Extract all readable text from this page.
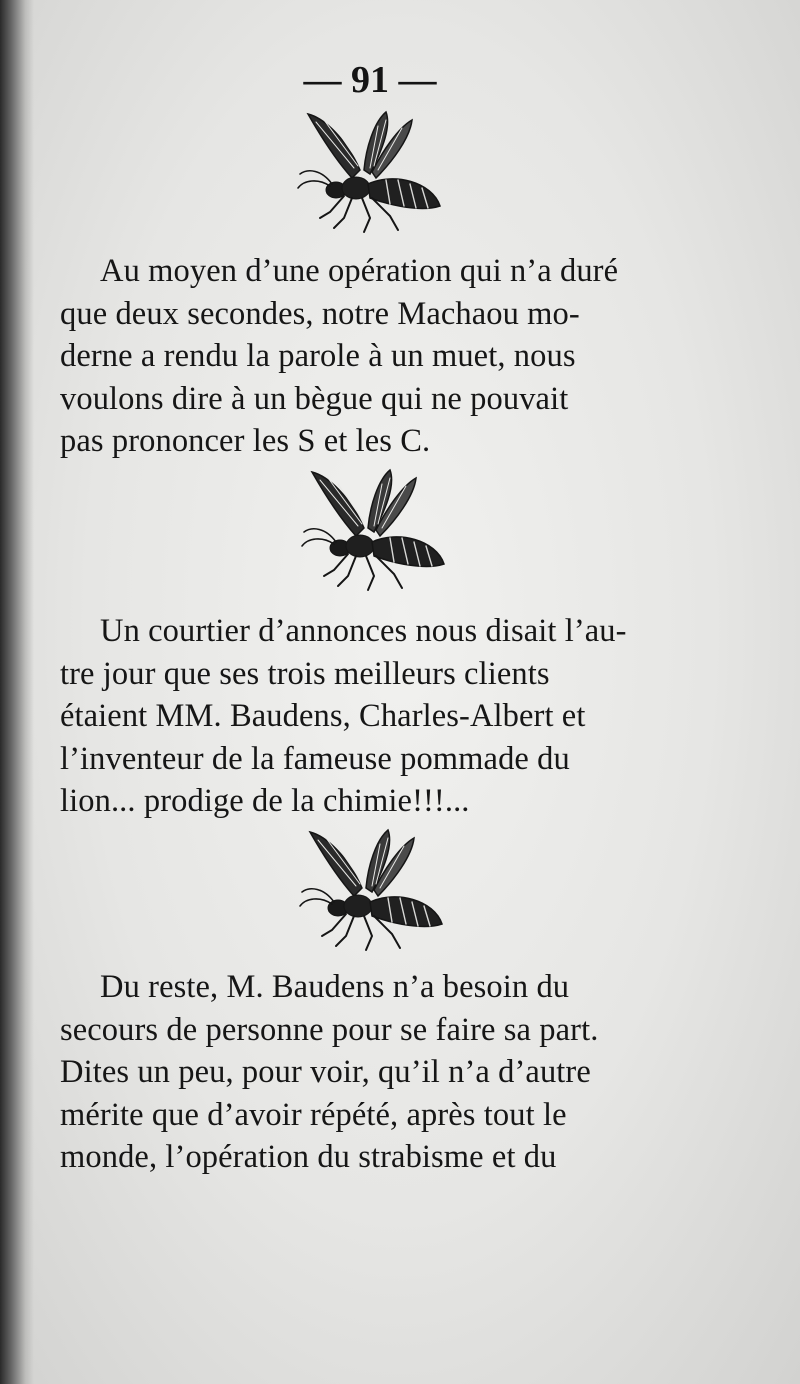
— 91 —
Au moyen d’une opération qui n’a duré
que deux secondes, notre Machaou mo-
derne a rendu la parole à un muet, nous
voulons dire à un bègue qui ne pouvait
pas prononcer les S et les C.
Un courtier d’annonces nous disait l’au-
tre jour que ses trois meilleurs clients
étaient MM. Baudens, Charles-Albert et
l’inventeur de la fameuse pommade du
lion... prodige de la chimie!!!...
Du reste, M. Baudens n’a besoin du
secours de personne pour se faire sa part.
Dites un peu, pour voir, qu’il n’a d’autre
mérite que d’avoir répété, après tout le
monde, l’opération du strabisme et du
